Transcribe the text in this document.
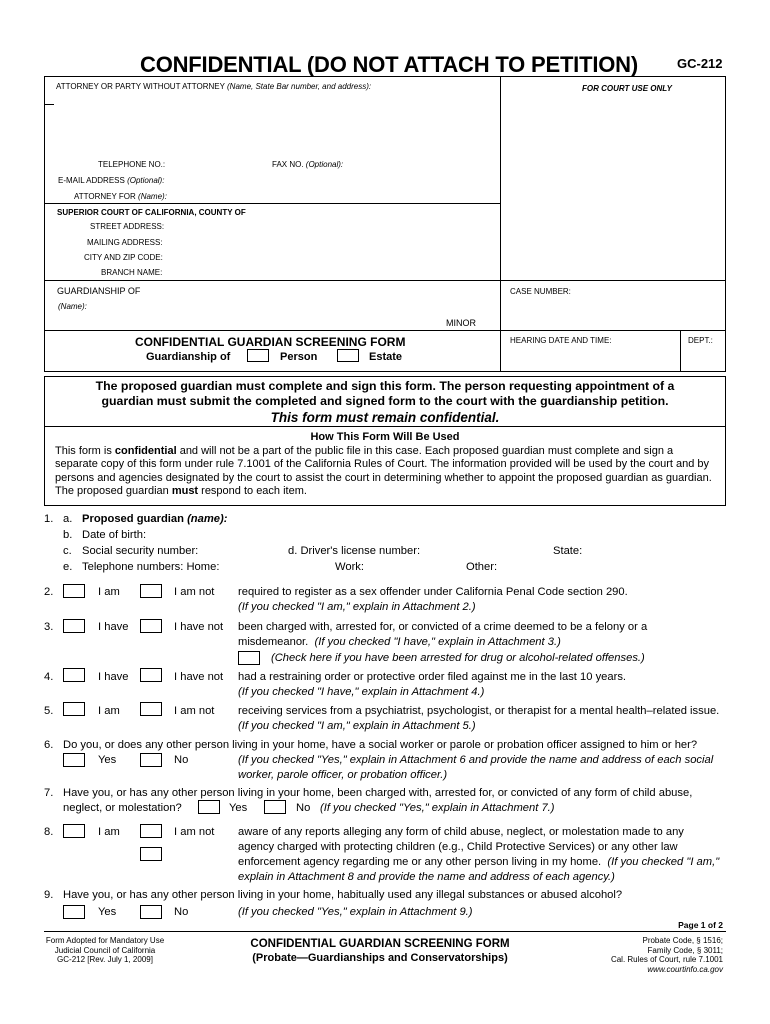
CONFIDENTIAL (DO NOT ATTACH TO PETITION)	GC-212
ATTORNEY OR PARTY WITHOUT ATTORNEY (Name, State Bar number, and address):	FOR COURT USE ONLY
TELEPHONE NO.:	FAX NO. (Optional):
E-MAIL ADDRESS (Optional):
ATTORNEY FOR (Name):
SUPERIOR COURT OF CALIFORNIA, COUNTY OF
STREET ADDRESS:
MAILING ADDRESS:
CITY AND ZIP CODE:
BRANCH NAME:
GUARDIANSHIP OF
(Name):
MINOR
CASE NUMBER:
CONFIDENTIAL GUARDIAN SCREENING FORM
Guardianship of	Person	Estate
HEARING DATE AND TIME:	DEPT.:
The proposed guardian must complete and sign this form. The person requesting appointment of a
guardian must submit the completed and signed form to the court with the guardianship petition.
This form must remain confidential.
How This Form Will Be Used
This form is confidential and will not be a part of the public file in this case. Each proposed guardian must complete and sign a separate copy of this form under rule 7.1001 of the California Rules of Court. The information provided will be used by the court and by persons and agencies designated by the court to assist the court in determining whether to appoint the proposed guardian as guardian. The proposed guardian must respond to each item.
1. a. Proposed guardian (name):
b. Date of birth:
c. Social security number:	d. Driver's license number:	State:
e. Telephone numbers: Home:	Work:	Other:
2.	I am	I am not required to register as a sex offender under California Penal Code section 290.
(If you checked "I am," explain in Attachment 2.)
3.	I have	I have not been charged with, arrested for, or convicted of a crime deemed to be a felony or a
misdemeanor. (If you checked "I have," explain in Attachment 3.)
(Check here if you have been arrested for drug or alcohol-related offenses.)
4.	I have	I have not had a restraining order or protective order filed against me in the last 10 years.
(If you checked "I have," explain in Attachment 4.)
5.	I am	I am not receiving services from a psychiatrist, psychologist, or therapist for a mental health–related issue.
(If you checked "I am," explain in Attachment 5.)
6. Do you, or does any other person living in your home, have a social worker or parole or probation officer assigned to him or her?
Yes	No	(If you checked "Yes," explain in Attachment 6 and provide the name and address of each social
worker, parole officer, or probation officer.)
7. Have you, or has any other person living in your home, been charged with, arrested for, or convicted of any form of child abuse,
neglect, or molestation?	Yes	No (If you checked "Yes," explain in Attachment 7.)
8.	I am	I am not aware of any reports alleging any form of child abuse, neglect, or molestation made to any
agency charged with protecting children (e.g., Child Protective Services) or any other law
enforcement agency regarding me or any other person living in my home. (If you checked "I am,"
explain in Attachment 8 and provide the name and address of each agency.)
9. Have you, or has any other person living in your home, habitually used any illegal substances or abused alcohol?
Yes	No	(If you checked "Yes," explain in Attachment 9.)
Page 1 of 2
Form Adopted for Mandatory Use
Judicial Council of California
GC-212 [Rev. July 1, 2009]
CONFIDENTIAL GUARDIAN SCREENING FORM
(Probate—Guardianships and Conservatorships)
Probate Code, § 1516;
Family Code, § 3011;
Cal. Rules of Court, rule 7.1001
www.courtinfo.ca.gov
